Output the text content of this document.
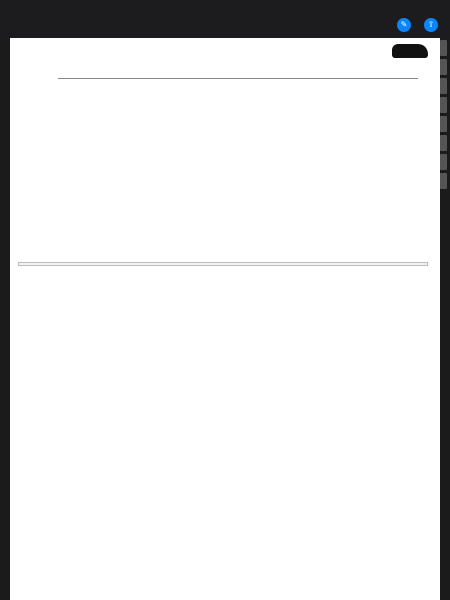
✎	⇧
